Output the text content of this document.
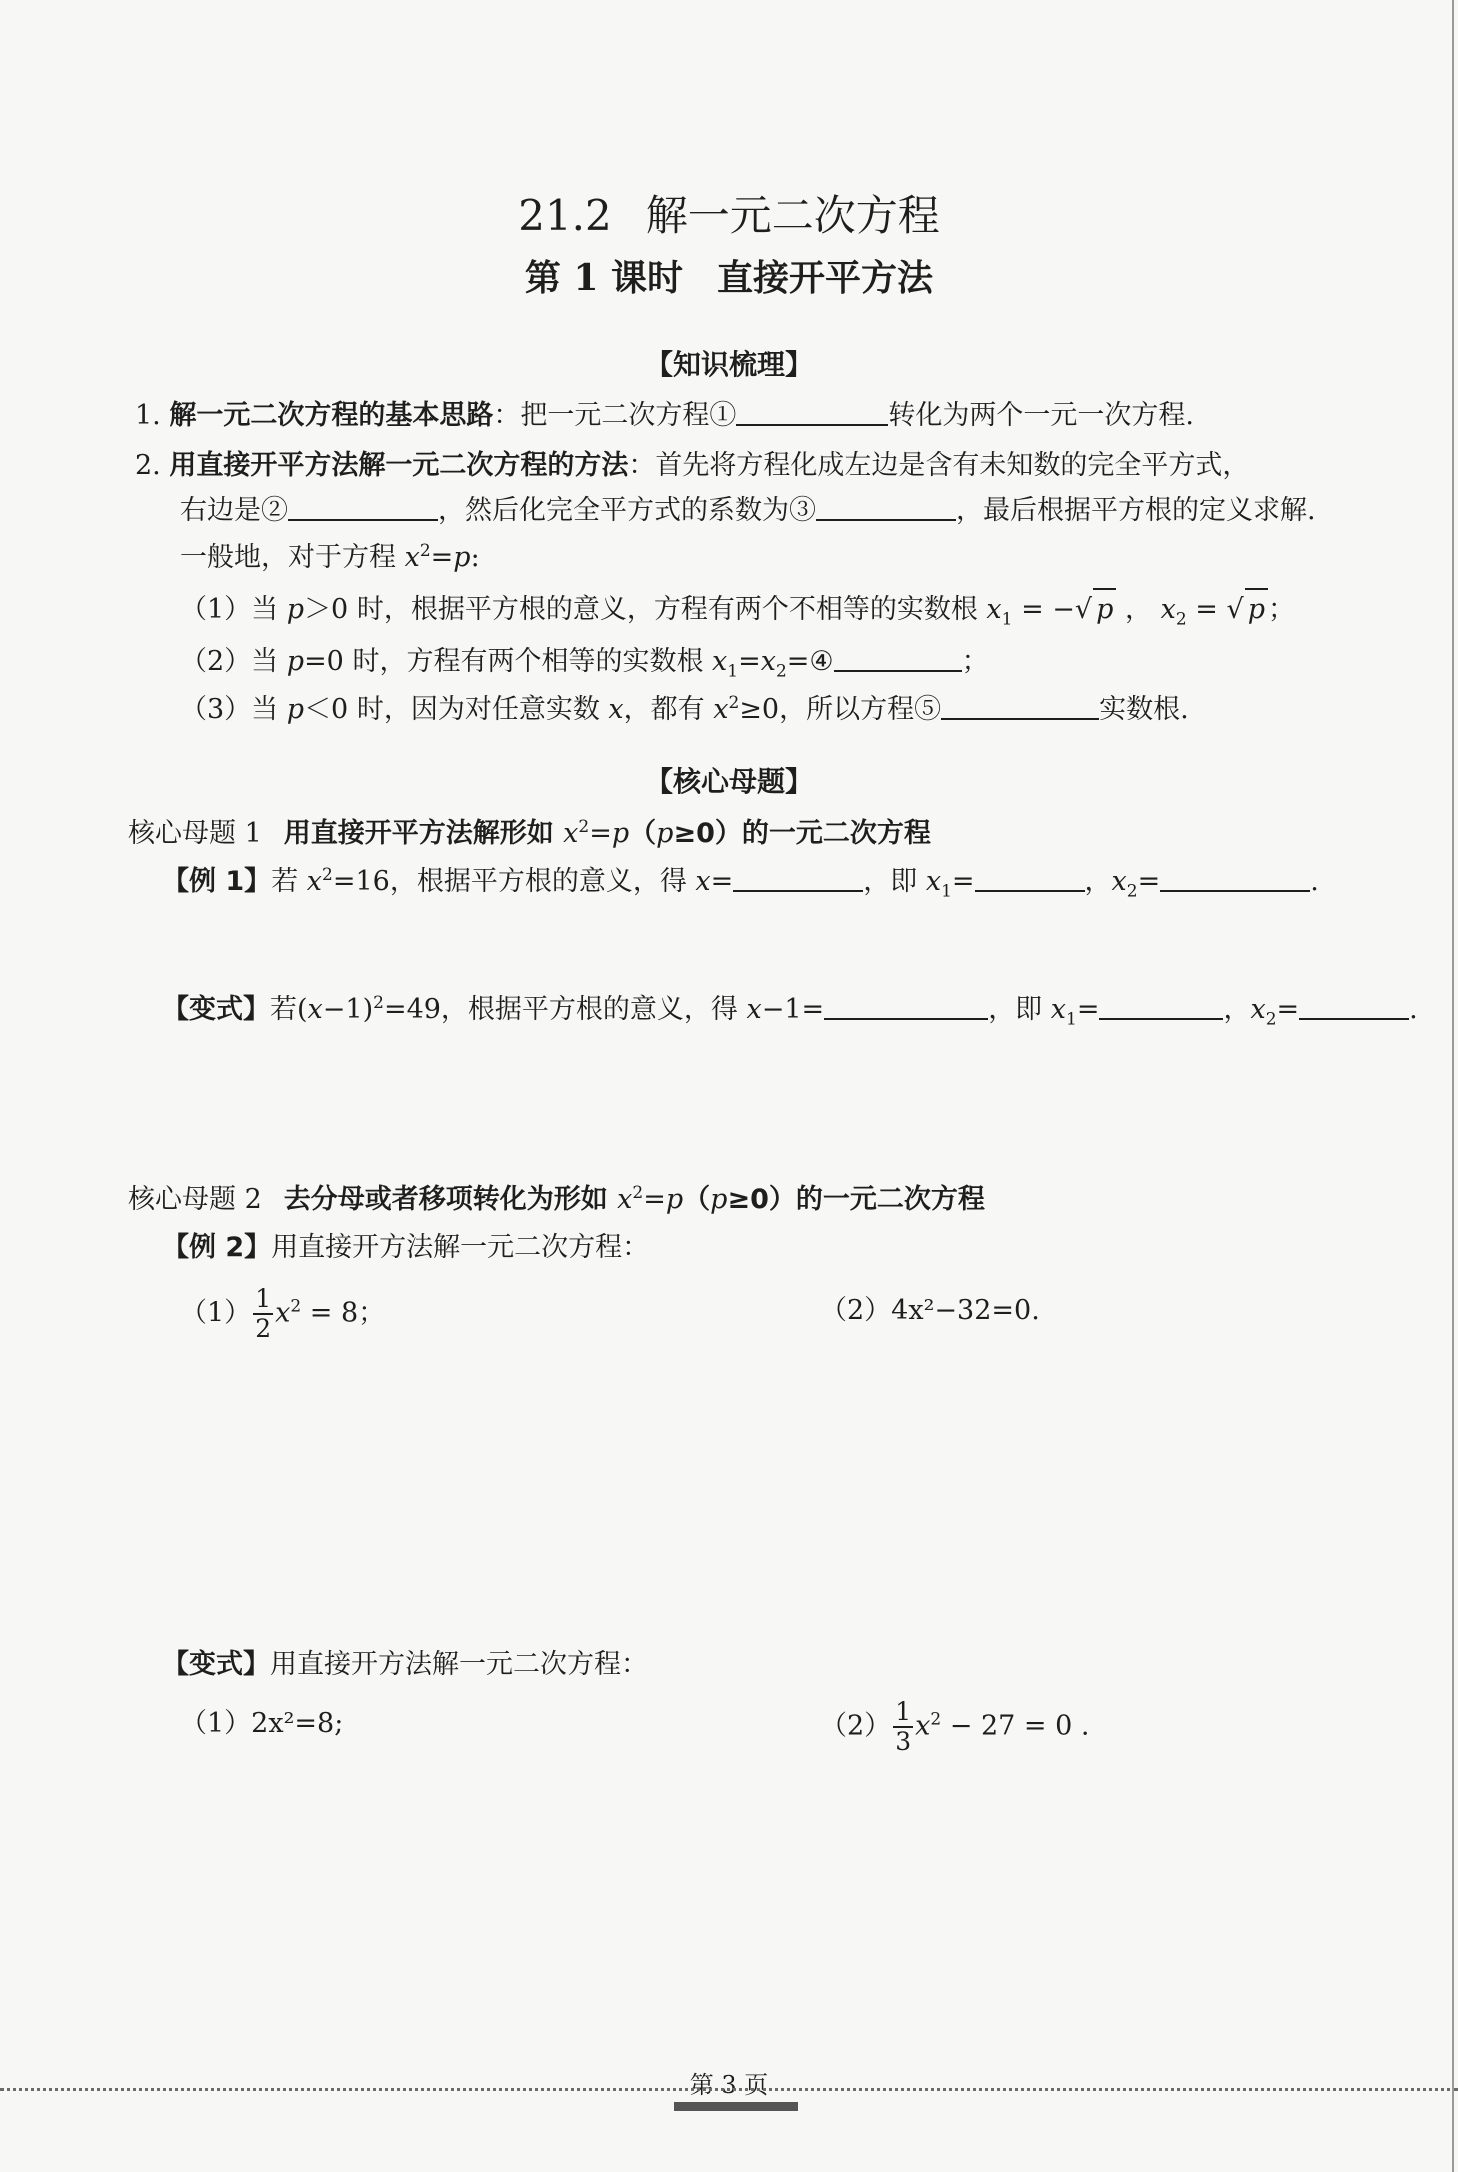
21.2 解一元二次方程
第 1 课时 直接开平方法
【知识梳理】
1. 解一元二次方程的基本思路：把一元二次方程①	转化为两个一元一次方程.
2. 用直接开平方法解一元二次方程的方法：首先将方程化成左边是含有未知数的完全平方式，
右边是②	，然后化完全平方式的系数为③	，最后根据平方根的定义求解.
一般地，对于方程 $x^2=p$:
（1）当 p＞0 时，根据平方根的意义，方程有两个不相等的实数根 $x_1$ = −√ p ， $x_2$ = √ p ；
（2）当 p=0 时，方程有两个相等的实数根 $x_1=x_2=④$	；
（3）当 p＜0 时，因为对任意实数 x，都有 $x^2\ge 0$，所以方程⑤	实数根.
【核心母题】
核心母题 1 用直接开平方法解形如 $x^2=p(p\ge 0)$的一元二次方程
【例 1】若 $x^2=16$，根据平方根的意义，得 x=	，即 $x_1=$	，$x_2=$	.
【变式】若$(x-1)^2=49$，根据平方根的意义，得 x−1=	，即 $x_1=$	，$x_2=$	.
核心母题 2 去分母或者移项转化为形如 $x^2=p(p\ge 0)$的一元二次方程
【例 2】用直接开方法解一元二次方程：
$(1) \frac{1}{2} x^2 = 8$；	（2）4x²−32=0.
【变式】用直接开方法解一元二次方程：
（1）2x²=8;	$(2) \frac{1}{3} x^2 - 27 = 0$ .
第 3 页
